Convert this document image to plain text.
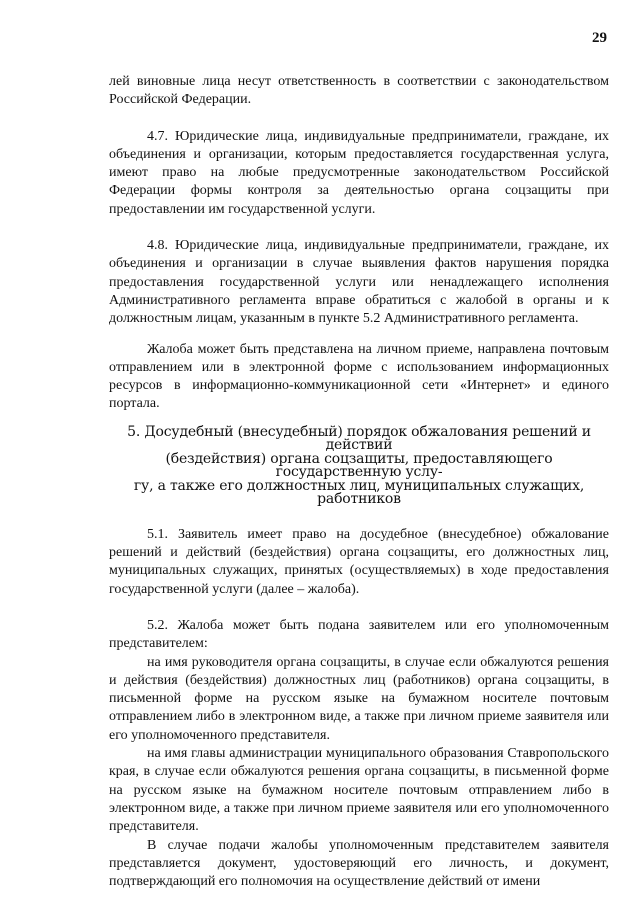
29

лей виновные лица несут ответственность в соответствии с законодательством Российской Федерации.

4.7. Юридические лица, индивидуальные предприниматели, граждане, их объединения и организации, которым предоставляется государственная услуга, имеют право на любые предусмотренные законодательством Российской Федерации формы контроля за деятельностью органа соцзащиты при предоставлении им государственной услуги.

4.8. Юридические лица, индивидуальные предприниматели, граждане, их объединения и организации в случае выявления фактов нарушения порядка предоставления государственной услуги или ненадлежащего исполнения Административного регламента вправе обратиться с жалобой в органы и к должностным лицам, указанным в пункте 5.2 Административного регламента.

Жалоба может быть представлена на личном приеме, направлена почтовым отправлением или в электронной форме с использованием информационных ресурсов в информационно-коммуникационной сети «Интернет» и единого портала.

5. Досудебный (внесудебный) порядок обжалования решений и действий
(бездействия) органа соцзащиты, предоставляющего государственную услу-
гу, а также его должностных лиц, муниципальных служащих, работников

5.1. Заявитель имеет право на досудебное (внесудебное) обжалование решений и действий (бездействия) органа соцзащиты, его должностных лиц, муниципальных служащих, принятых (осуществляемых) в ходе предоставления государственной услуги (далее – жалоба).

5.2. Жалоба может быть подана заявителем или его уполномоченным представителем:

на имя руководителя органа соцзащиты, в случае если обжалуются решения и действия (бездействия) должностных лиц (работников) органа соцзащиты, в письменной форме на русском языке на бумажном носителе почтовым отправлением либо в электронном виде, а также при личном приеме заявителя или его уполномоченного представителя.

на имя главы администрации муниципального образования Ставропольского края, в случае если обжалуются решения органа соцзащиты, в письменной форме на русском языке на бумажном носителе почтовым отправлением либо в электронном виде, а также при личном приеме заявителя или его уполномоченного представителя.

В случае подачи жалобы уполномоченным представителем заявителя представляется документ, удостоверяющий его личность, и документ, подтверждающий его полномочия на осуществление действий от имени
